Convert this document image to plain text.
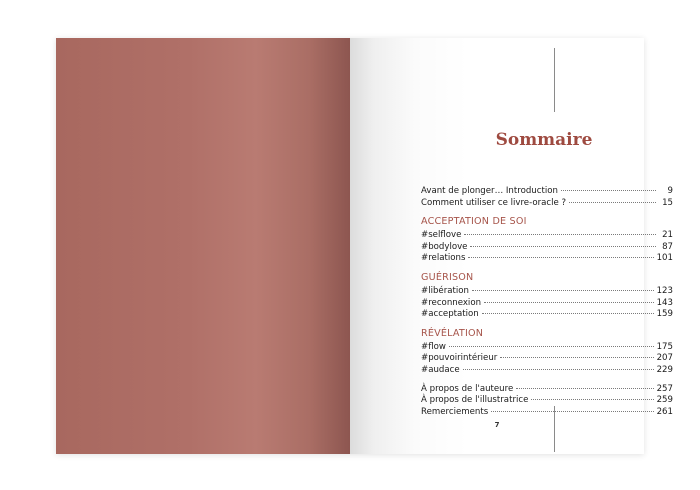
Sommaire
Avant de plonger… Introduction	9
Comment utiliser ce livre-oracle ?	15
ACCEPTATION DE SOI
#selflove	21
#bodylove	87
#relations	101
GUÉRISON
#libération	123
#reconnexion	143
#acceptation	159
RÉVÉLATION
#flow	175
#pouvoirintérieur	207
#audace	229
À propos de l'auteure	257
À propos de l'illustratrice	259
Remerciements	261
7
